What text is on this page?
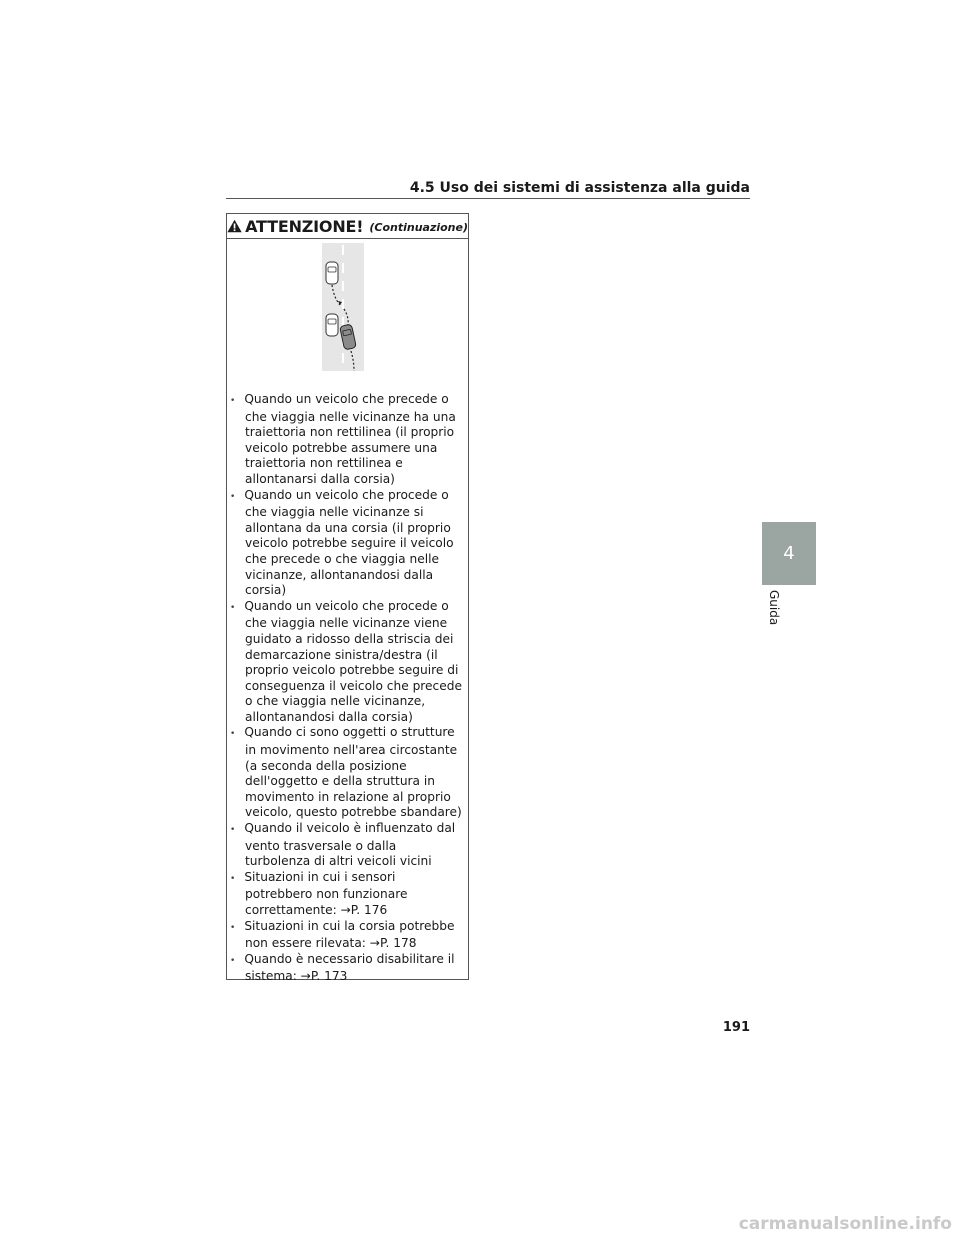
4.5 Uso dei sistemi di assistenza alla guida
ATTENZIONE! (Continuazione)
• Quando un veicolo che precede o che viaggia nelle vicinanze ha una traiettoria non rettilinea (il proprio veicolo potrebbe assumere una traiettoria non rettilinea e allontanarsi dalla corsia)
• Quando un veicolo che procede o che viaggia nelle vicinanze si allontana da una corsia (il proprio veicolo potrebbe seguire il veicolo che precede o che viaggia nelle vicinanze, allontanandosi dalla corsia)
• Quando un veicolo che procede o che viaggia nelle vicinanze viene guidato a ridosso della striscia dei demarcazione sinistra/destra (il proprio veicolo potrebbe seguire di conseguenza il veicolo che precede o che viaggia nelle vicinanze, allontanandosi dalla corsia)
• Quando ci sono oggetti o strutture in movimento nell'area circostante (a seconda della posizione dell'oggetto e della struttura in movimento in relazione al proprio veicolo, questo potrebbe sbandare)
• Quando il veicolo è influenzato dal vento trasversale o dalla turbolenza di altri veicoli vicini
• Situazioni in cui i sensori potrebbero non funzionare correttamente: →P. 176
• Situazioni in cui la corsia potrebbe non essere rilevata: →P. 178
• Quando è necessario disabilitare il sistema: →P. 173
4
Guida
191
carmanualsonline.info
